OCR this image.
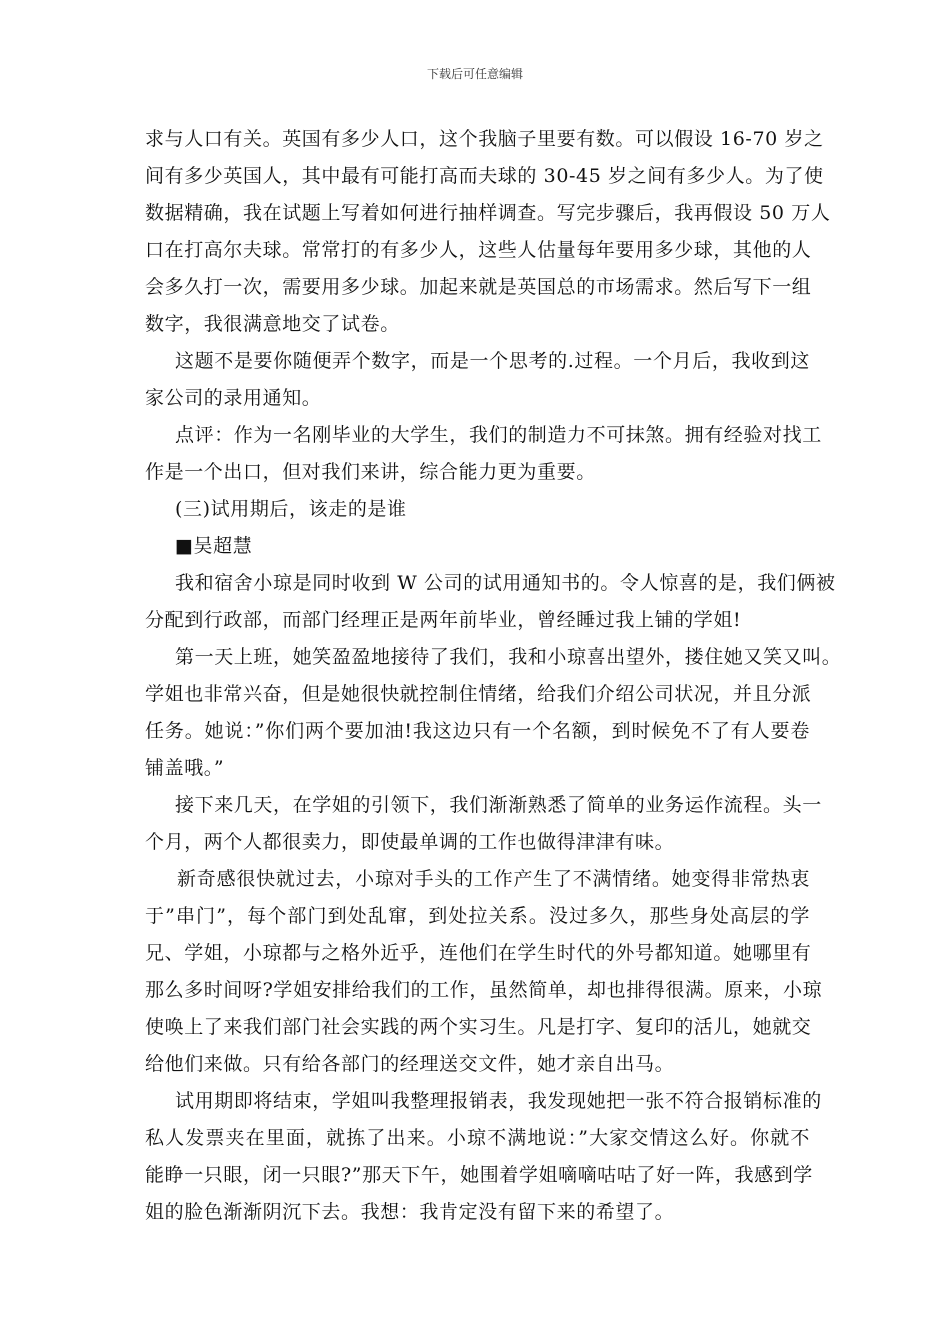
下载后可任意编辑
求与人口有关。英国有多少人口，这个我脑子里要有数。可以假设 16-70 岁之
间有多少英国人，其中最有可能打高而夫球的 30-45 岁之间有多少人。为了使
数据精确，我在试题上写着如何进行抽样调查。写完步骤后，我再假设 50 万人
口在打高尔夫球。常常打的有多少人，这些人估量每年要用多少球，其他的人
会多久打一次，需要用多少球。加起来就是英国总的市场需求。然后写下一组
数字，我很满意地交了试卷。
这题不是要你随便弄个数字，而是一个思考的.过程。一个月后，我收到这
家公司的录用通知。
点评：作为一名刚毕业的大学生，我们的制造力不可抹煞。拥有经验对找工
作是一个出口，但对我们来讲，综合能力更为重要。
(三)试用期后，该走的是谁
■吴超慧
我和宿舍小琼是同时收到 W 公司的试用通知书的。令人惊喜的是，我们俩被
分配到行政部，而部门经理正是两年前毕业，曾经睡过我上铺的学姐!
第一天上班，她笑盈盈地接待了我们，我和小琼喜出望外，搂住她又笑又叫。
学姐也非常兴奋，但是她很快就控制住情绪，给我们介绍公司状况，并且分派
任务。她说：”你们两个要加油!我这边只有一个名额，到时候免不了有人要卷
铺盖哦。”
接下来几天，在学姐的引领下，我们渐渐熟悉了简单的业务运作流程。头一
个月，两个人都很卖力，即使最单调的工作也做得津津有味。
新奇感很快就过去，小琼对手头的工作产生了不满情绪。她变得非常热衷
于”串门”，每个部门到处乱窜，到处拉关系。没过多久，那些身处高层的学
兄、学姐，小琼都与之格外近乎，连他们在学生时代的外号都知道。她哪里有
那么多时间呀?学姐安排给我们的工作，虽然简单，却也排得很满。原来，小琼
使唤上了来我们部门社会实践的两个实习生。凡是打字、复印的活儿，她就交
给他们来做。只有给各部门的经理送交文件，她才亲自出马。
试用期即将结束，学姐叫我整理报销表，我发现她把一张不符合报销标准的
私人发票夹在里面，就拣了出来。小琼不满地说：”大家交情这么好。你就不
能睁一只眼，闭一只眼?”那天下午，她围着学姐嘀嘀咕咕了好一阵，我感到学
姐的脸色渐渐阴沉下去。我想：我肯定没有留下来的希望了。
